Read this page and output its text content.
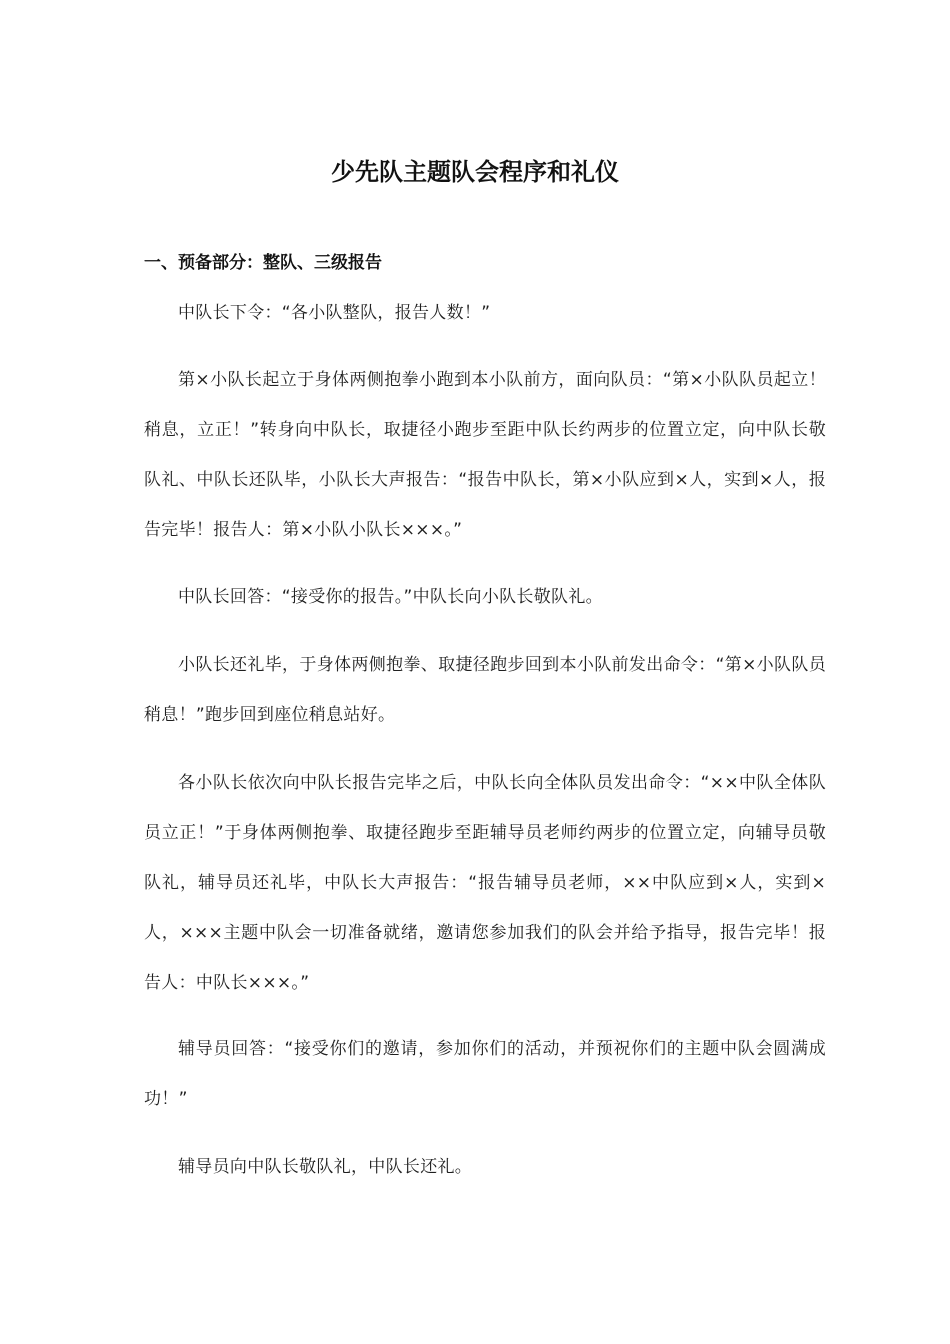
少先队主题队会程序和礼仪
一、预备部分：整队、三级报告

中队长下令：“各小队整队，报告人数！”

第×小队长起立于身体两侧抱拳小跑到本小队前方，面向队员：“第×小队队员起立！稍息，立正！”转身向中队长，取捷径小跑步至距中队长约两步的位置立定，向中队长敬队礼、中队长还队毕，小队长大声报告：“报告中队长，第×小队应到×人，实到×人，报告完毕！报告人：第×小队小队长×××。”

中队长回答：“接受你的报告。”中队长向小队长敬队礼。

小队长还礼毕，于身体两侧抱拳、取捷径跑步回到本小队前发出命令：“第×小队队员稍息！”跑步回到座位稍息站好。

各小队长依次向中队长报告完毕之后，中队长向全体队员发出命令：“××中队全体队员立正！”于身体两侧抱拳、取捷径跑步至距辅导员老师约两步的位置立定，向辅导员敬队礼，辅导员还礼毕，中队长大声报告：“报告辅导员老师，××中队应到×人，实到×人，×××主题中队会一切准备就绪，邀请您参加我们的队会并给予指导，报告完毕！报告人：中队长×××。”

辅导员回答：“接受你们的邀请，参加你们的活动，并预祝你们的主题中队会圆满成功！”

辅导员向中队长敬队礼，中队长还礼。
